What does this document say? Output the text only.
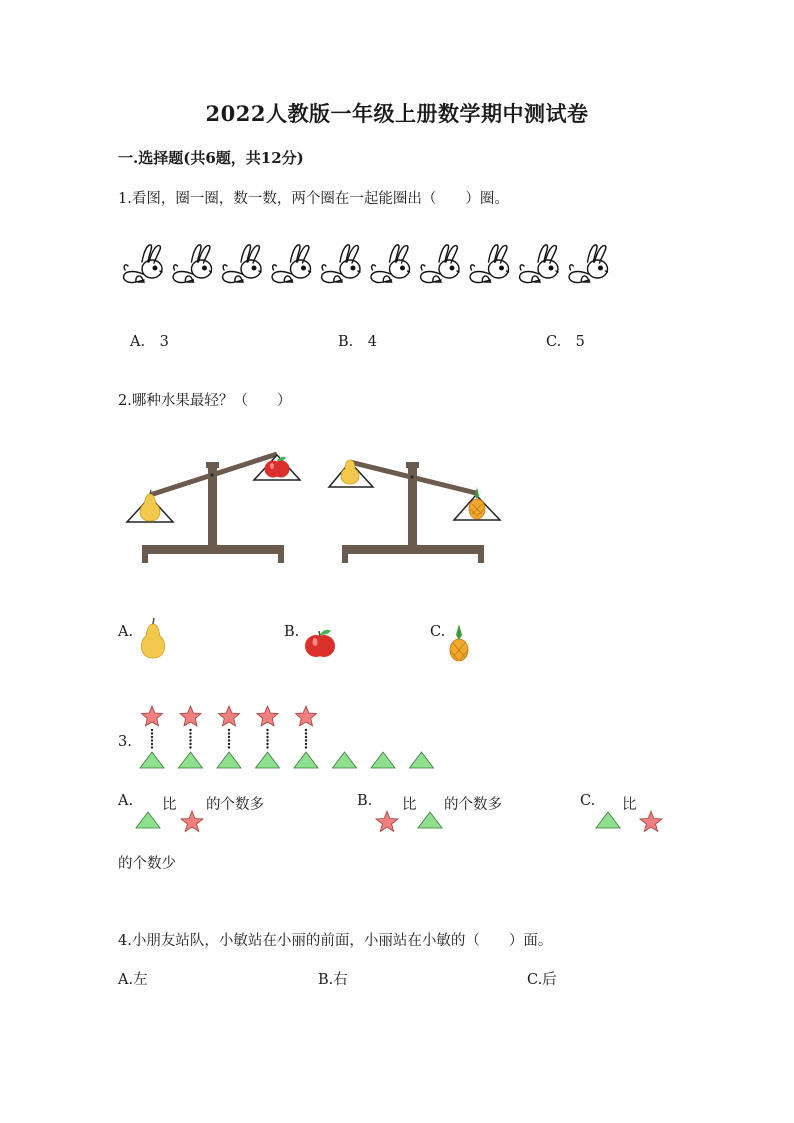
2022人教版一年级上册数学期中测试卷
一.选择题(共6题，共12分)
1.看图，圈一圈，数一数，两个圈在一起能圈出（　　）圈。
A.　3	B.　4	C.　5
2.哪种水果最轻？（　　）
A.	B.	C.
3.
A. 比 的个数多	B. 比 的个数多	C. 比
的个数少
4.小朋友站队，小敏站在小丽的前面，小丽站在小敏的（　　）面。
A.左	B.右	C.后
